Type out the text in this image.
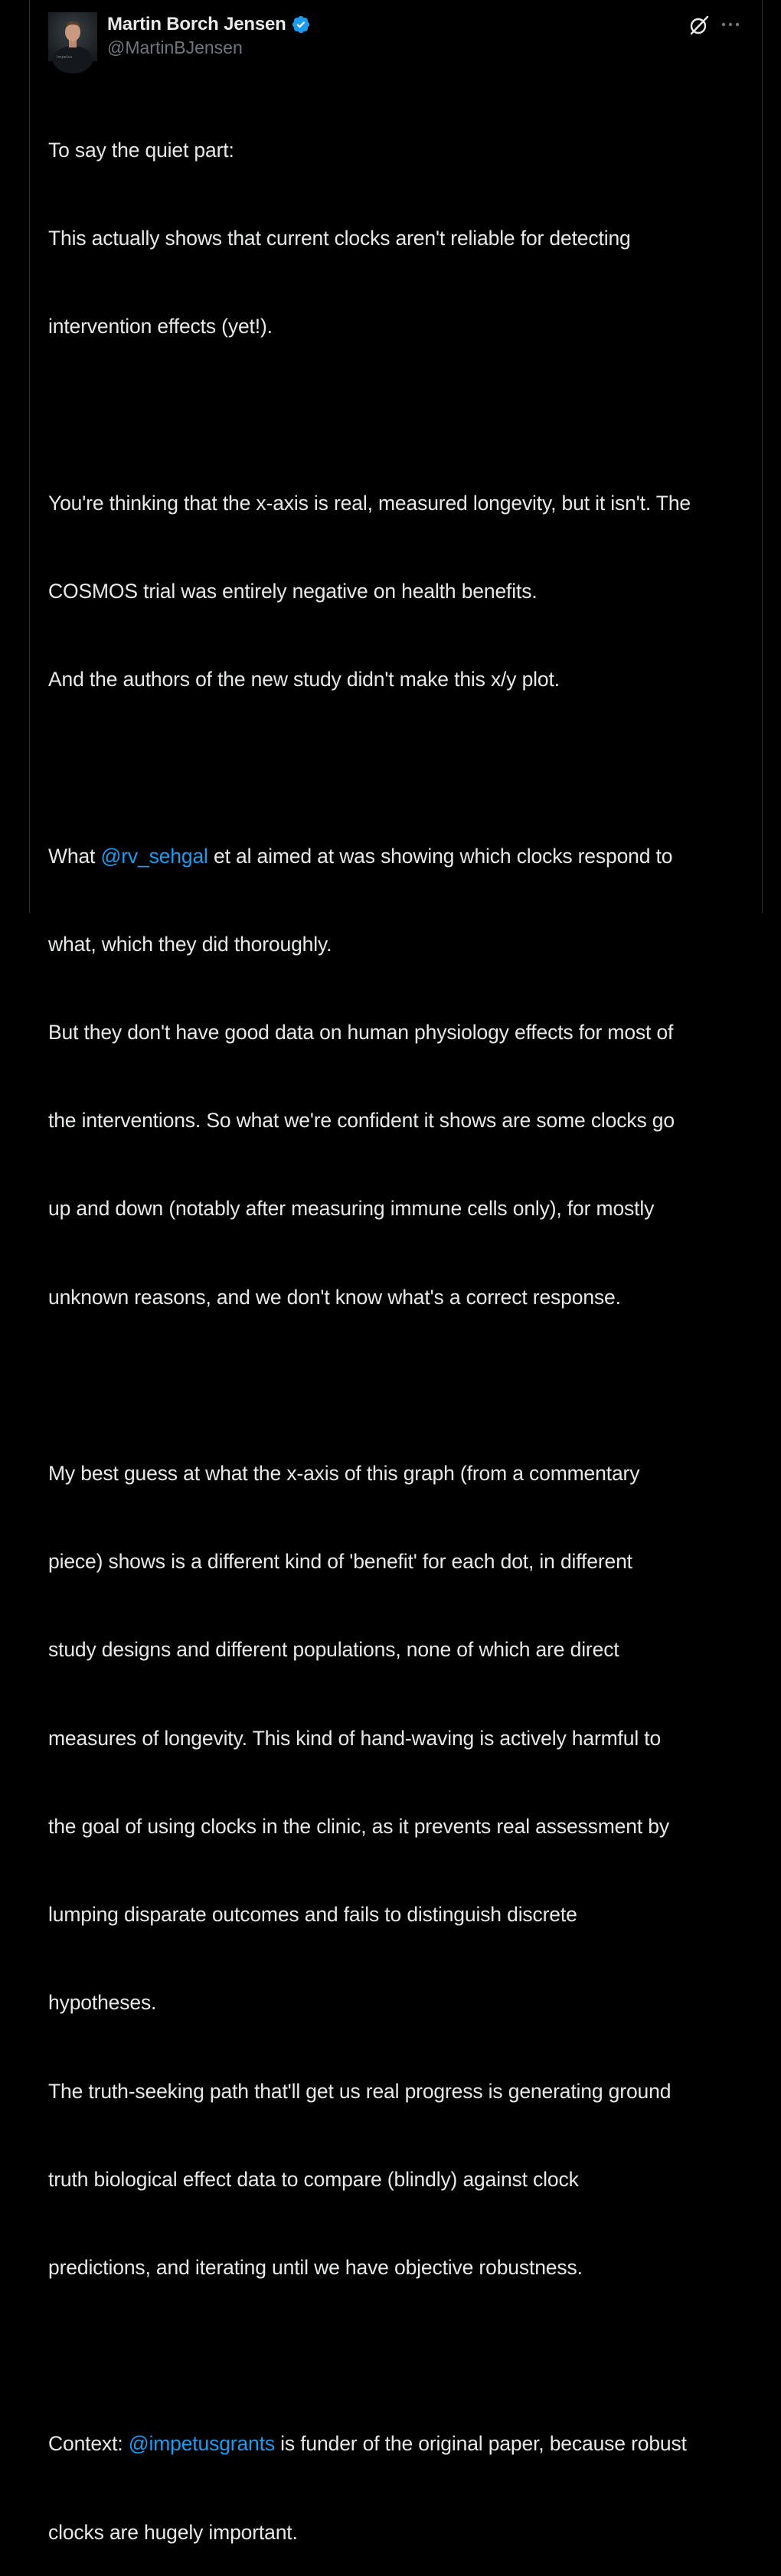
Impetus
Martin Borch Jensen
@MartinBJensen

To say the quiet part:

This actually shows that current clocks aren't reliable for detecting

intervention effects (yet!).

You're thinking that the x-axis is real, measured longevity, but it isn't. The

COSMOS trial was entirely negative on health benefits.

And the authors of the new study didn't make this x/y plot.

What @rv_sehgal et al aimed at was showing which clocks respond to

what, which they did thoroughly.

But they don't have good data on human physiology effects for most of

the interventions. So what we're confident it shows are some clocks go

up and down (notably after measuring immune cells only), for mostly

unknown reasons, and we don't know what's a correct response.

My best guess at what the x-axis of this graph (from a commentary

piece) shows is a different kind of 'benefit' for each dot, in different

study designs and different populations, none of which are direct

measures of longevity. This kind of hand-waving is actively harmful to

the goal of using clocks in the clinic, as it prevents real assessment by

lumping disparate outcomes and fails to distinguish discrete

hypotheses.

The truth-seeking path that'll get us real progress is generating ground

truth biological effect data to compare (blindly) against clock

predictions, and iterating until we have objective robustness.

Context: @impetusgrants is funder of the original paper, because robust

clocks are hugely important.
